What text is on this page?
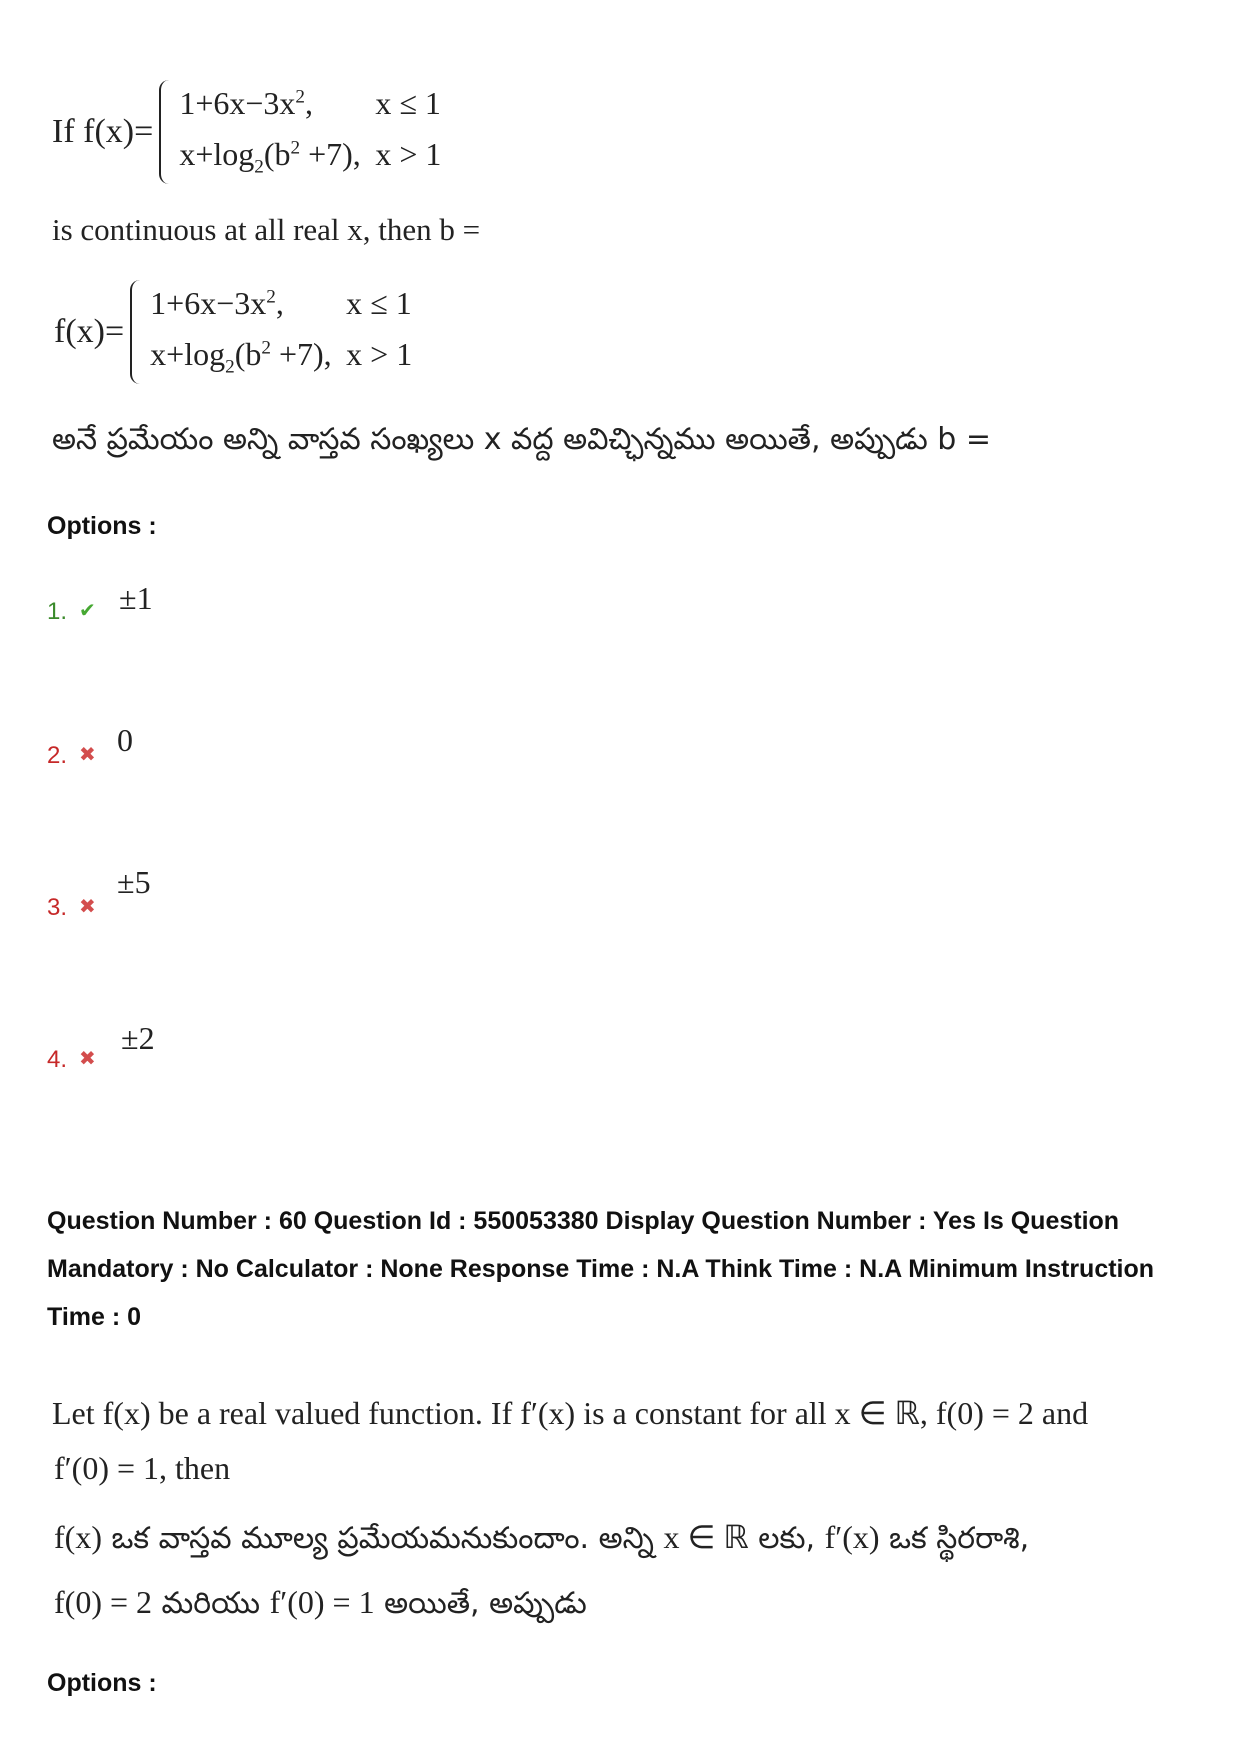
If f(x)=
$1+6x-3x^2$,	x ≤ 1
$x+\log_2(b^2 +7)$, x > 1
is continuous at all real x, then b =
f(x)=
$1+6x-3x^2$,	x ≤ 1
$x+\log_2(b^2 +7)$, x > 1
అనే ప్రమేయం అన్ని వాస్తవ సంఖ్యలు x వద్ద అవిచ్ఛిన్నము అయితే, అప్పుడు b =
Options :
1. ✔ ±1
2. ✖ 0
3. ✖
±5
4. ✖
±2
Question Number : 60 Question Id : 550053380 Display Question Number : Yes Is Question
Mandatory : No Calculator : None Response Time : N.A Think Time : N.A Minimum Instruction
Time : 0
Let f(x) be a real valued function. If f′(x) is a constant for all x ∈ ℝ, f(0) = 2 and
f′(0) = 1, then
f(x) ఒక వాస్తవ మూల్య ప్రమేయమనుకుందాం. అన్ని x ∈ ℝ లకు, f′(x) ఒక స్థిరరాశి,
f(0) = 2 మరియు f′(0) = 1 అయితే, అప్పుడు
Options :
